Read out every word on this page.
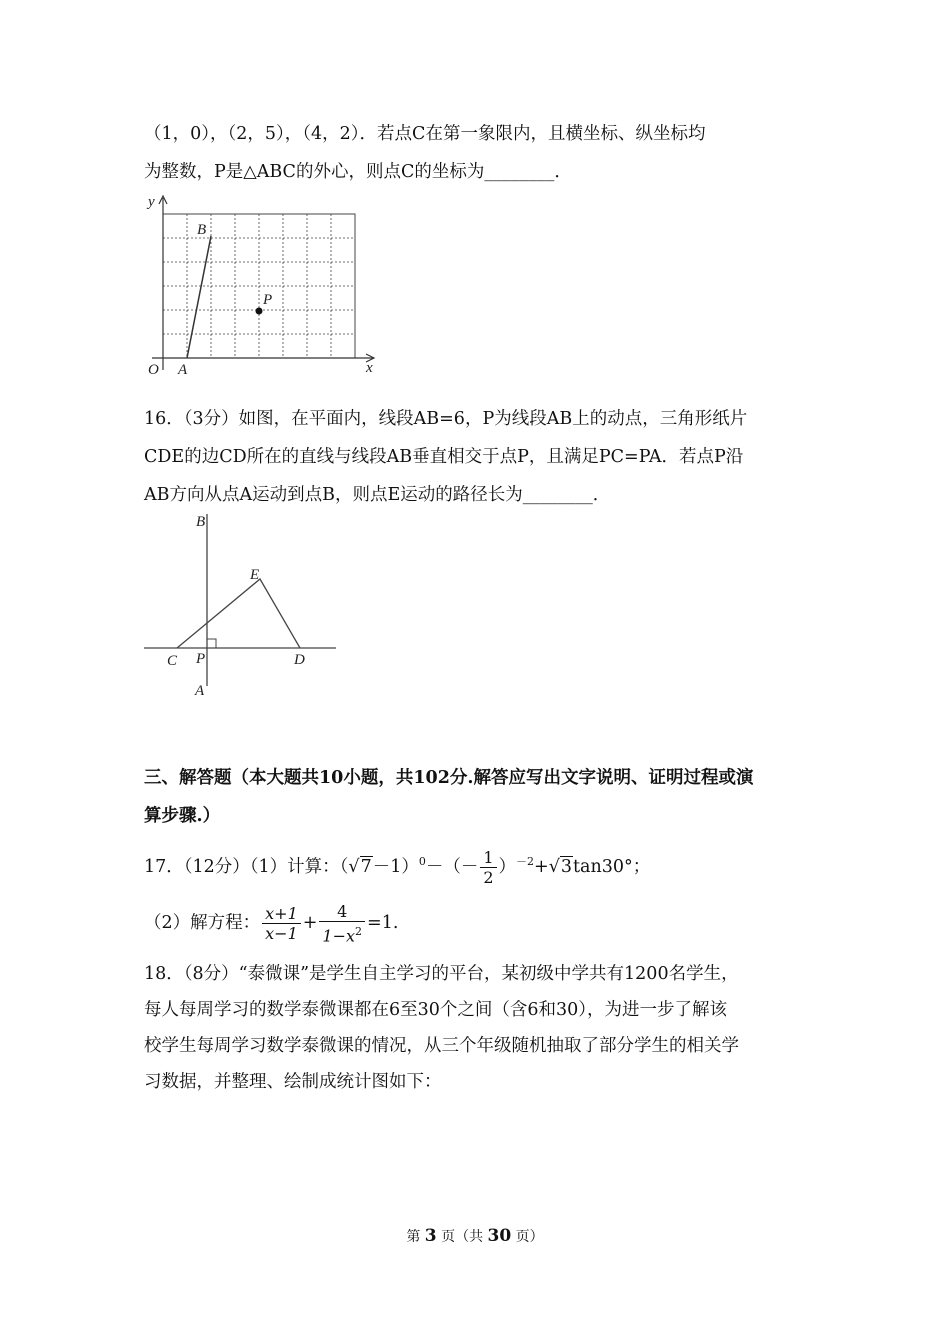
（1，0），（2，5），（4，2）．若点C在第一象限内，且横坐标、纵坐标均
为整数，P是△ABC的外心，则点C的坐标为________．
y
x
O A
B
P
16．（3分）如图，在平面内，线段AB=6，P为线段AB上的动点，三角形纸片
CDE的边CD所在的直线与线段AB垂直相交于点P，且满足PC=PA．若点P沿
AB方向从点A运动到点B，则点E运动的路径长为________．
B
E
C P	D
A
三、解答题（本大题共10小题，共102分.解答应写出文字说明、证明过程或演
算步骤.）
17．（12分）（1）计算：$(√7-1)^0-(- \frac{1}{2} )^{-2}+√3\tan 30^\circ$；
（2）解方程： $\frac{x+1}{x-1} + \frac{4}{1-x^2} =1$.
18．（8分）“泰微课”是学生自主学习的平台，某初级中学共有1200名学生，
每人每周学习的数学泰微课都在6至30个之间（含6和30），为进一步了解该
校学生每周学习数学泰微课的情况，从三个年级随机抽取了部分学生的相关学
习数据，并整理、绘制成统计图如下：
第 3 页（共 30 页）
